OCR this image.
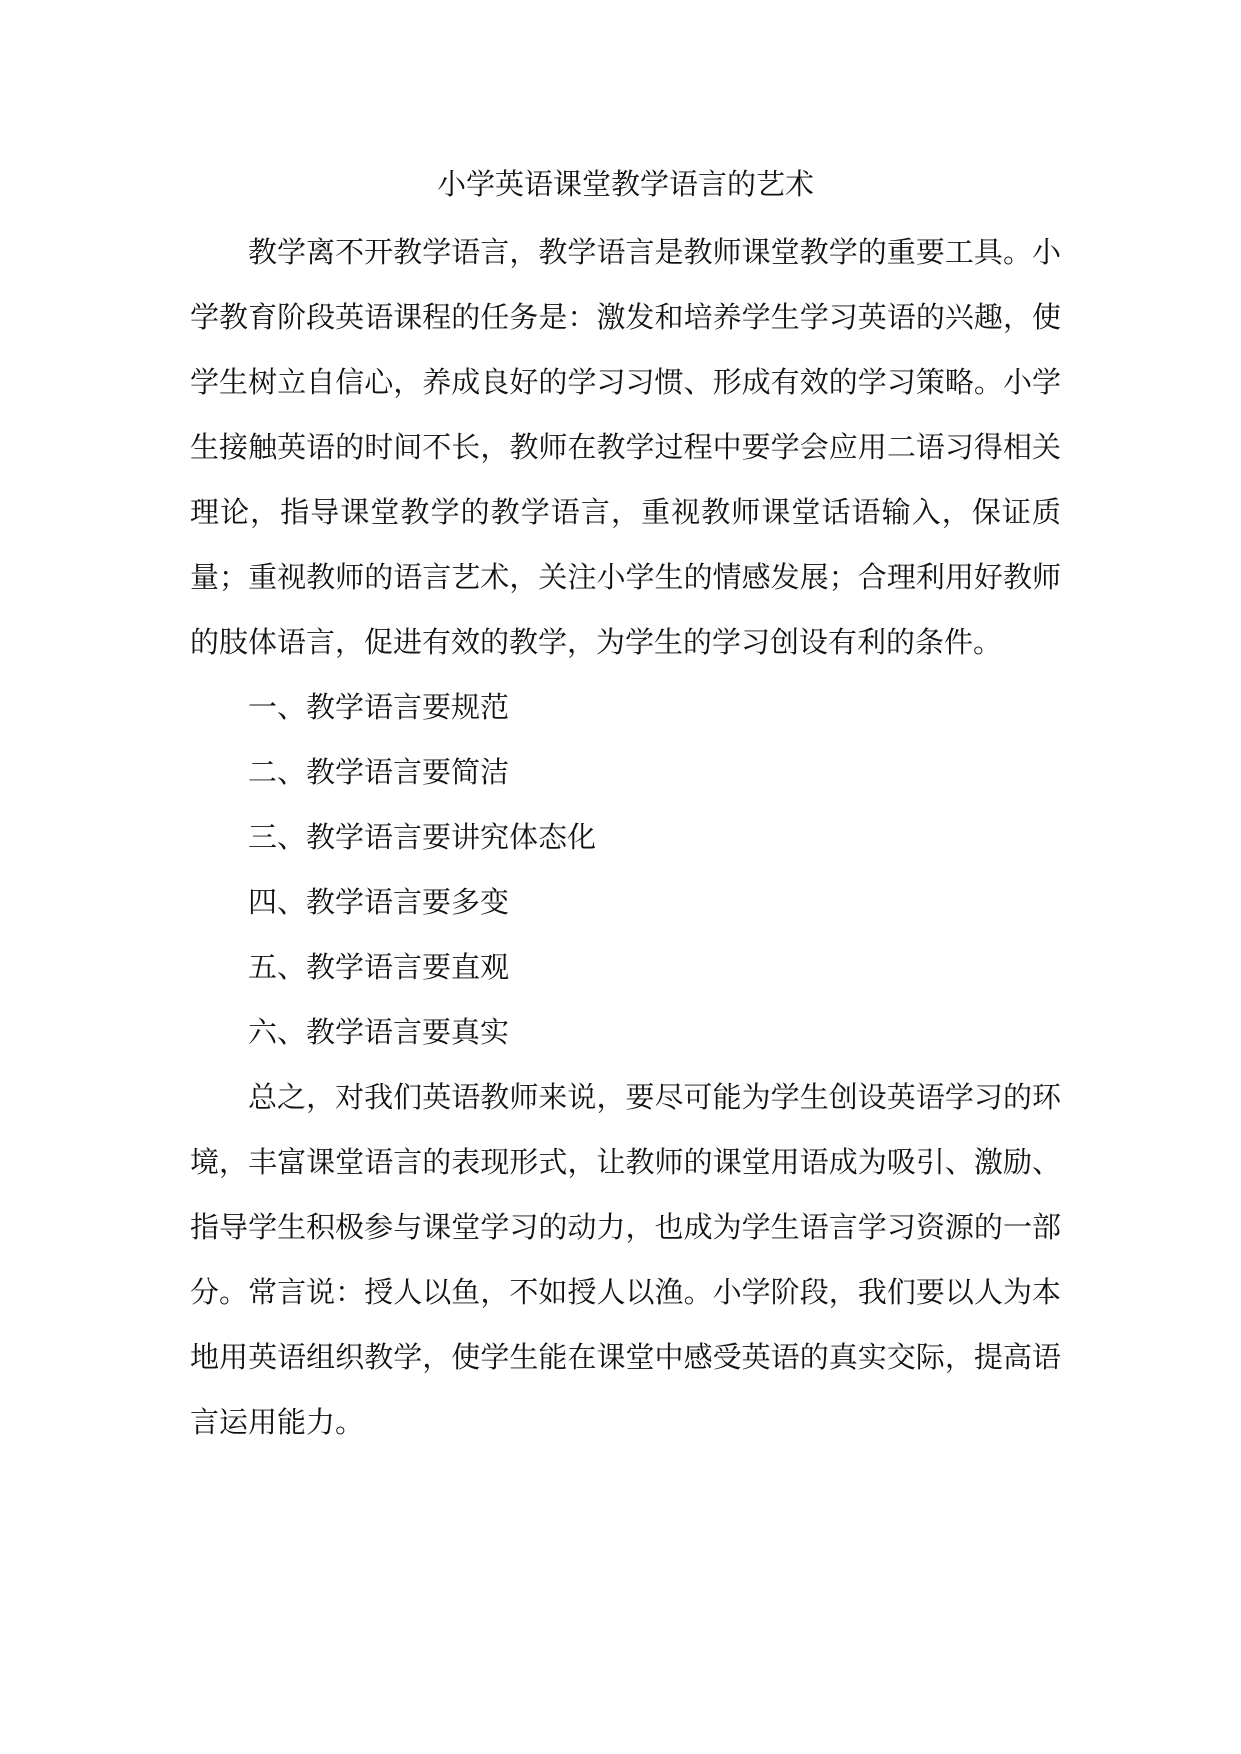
小学英语课堂教学语言的艺术

教学离不开教学语言，教学语言是教师课堂教学的重要工具。小学教育阶段英语课程的任务是：激发和培养学生学习英语的兴趣，使学生树立自信心，养成良好的学习习惯、形成有效的学习策略。小学生接触英语的时间不长，教师在教学过程中要学会应用二语习得相关理论，指导课堂教学的教学语言，重视教师课堂话语输入，保证质量；重视教师的语言艺术，关注小学生的情感发展；合理利用好教师的肢体语言，促进有效的教学，为学生的学习创设有利的条件。

一、教学语言要规范
二、教学语言要简洁
三、教学语言要讲究体态化
四、教学语言要多变
五、教学语言要直观
六、教学语言要真实

总之，对我们英语教师来说，要尽可能为学生创设英语学习的环境，丰富课堂语言的表现形式，让教师的课堂用语成为吸引、激励、指导学生积极参与课堂学习的动力，也成为学生语言学习资源的一部分。常言说：授人以鱼，不如授人以渔。小学阶段，我们要以人为本地用英语组织教学，使学生能在课堂中感受英语的真实交际，提高语言运用能力。
